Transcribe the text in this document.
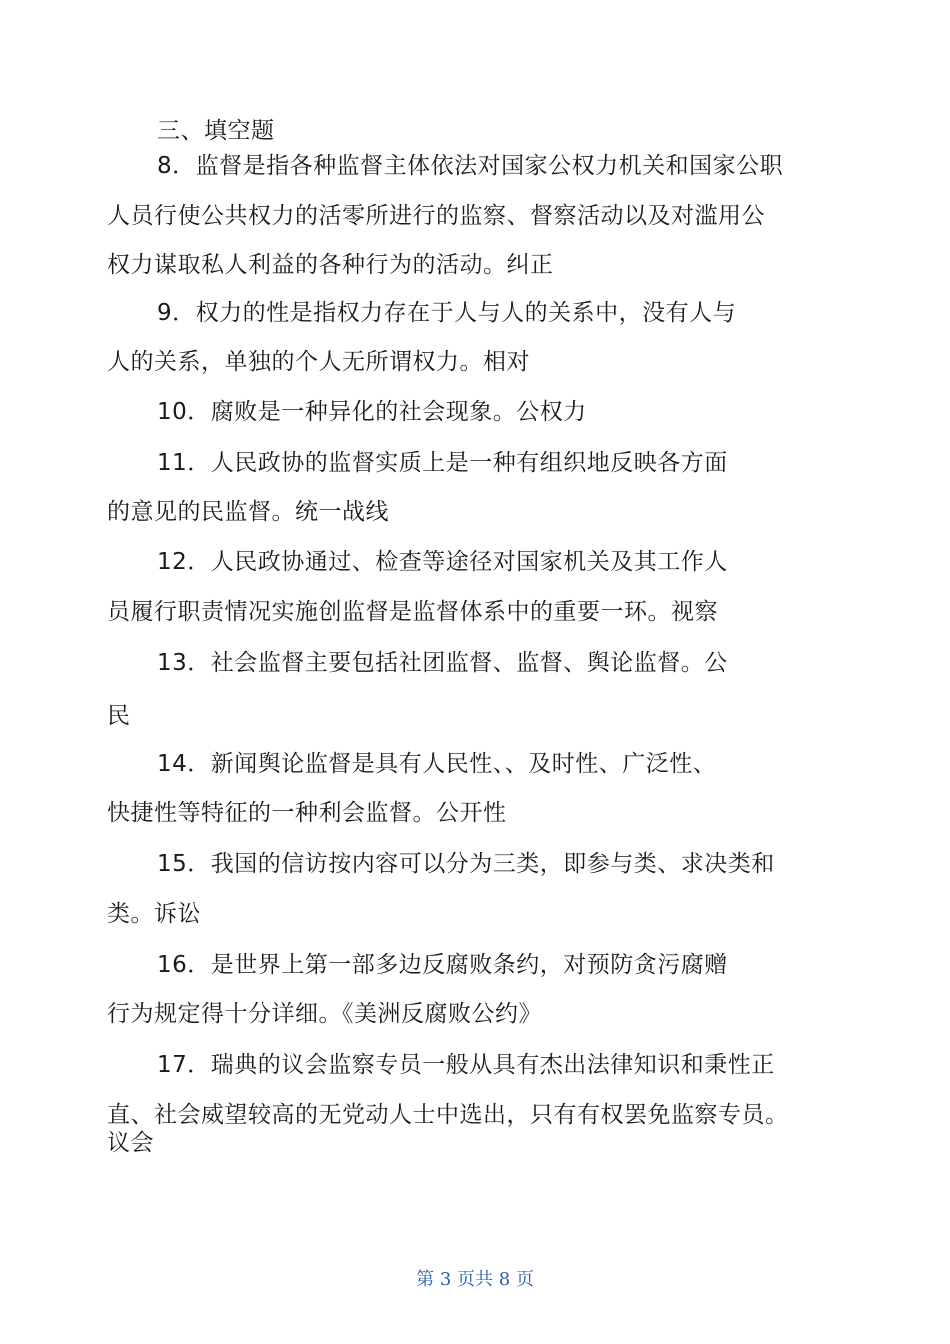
三、填空题
8．监督是指各种监督主体依法对国家公权力机关和国家公职
人员行使公共权力的活零所进行的监察、督察活动以及对滥用公
权力谋取私人利益的各种行为的活动。纠正
9．权力的性是指权力存在于人与人的关系中，没有人与
人的关系，单独的个人无所谓权力。相对
10．腐败是一种异化的社会现象。公权力
11．人民政协的监督实质上是一种有组织地反映各方面
的意见的民监督。统一战线
12．人民政协通过、检查等途径对国家机关及其工作人
员履行职责情况实施创监督是监督体系中的重要一环。视察
13．社会监督主要包括社团监督、监督、舆论监督。公
民
14．新闻舆论监督是具有人民性、、及时性、广泛性、
快捷性等特征的一种利会监督。公开性
15．我国的信访按内容可以分为三类，即参与类、求决类和
类。诉讼
16．是世界上第一部多边反腐败条约，对预防贪污腐赠
行为规定得十分详细。《美洲反腐败公约》
17．瑞典的议会监察专员一般从具有杰出法律知识和秉性正
直、社会威望较高的无党动人士中选出，只有有权罢免监察专员。
议会
第 3 页共 8 页
